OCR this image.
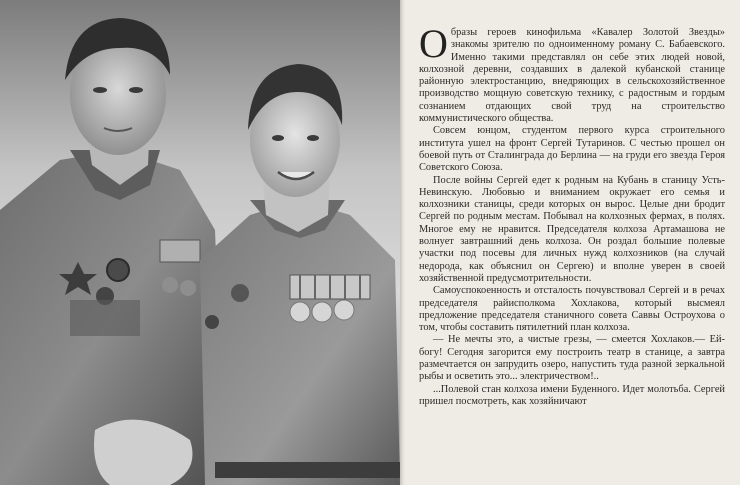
Образы героев кинофильма «Кавалер Золотой Звезды» знакомы зрителю по одноименному роману С. Бабаевского. Именно такими представлял он себе этих людей новой, колхозной деревни, создавших в далекой кубанской станице районную электростанцию, внедряющих в сельскохозяйственное производство мощную советскую технику, с радостным и гордым сознанием отдающих свой труд на строительство коммунистического общества.

Совсем юнцом, студентом первого курса строительного института ушел на фронт Сергей Тутаринов. С честью прошел он боевой путь от Сталинграда до Берлина — на груди его звезда Героя Советского Союза.

После войны Сергей едет к родным на Кубань в станицу Усть-Невинскую. Любовью и вниманием окружает его семья и колхозники станицы, среди которых он вырос. Целые дни бродит Сергей по родным местам. Побывал на колхозных фермах, в полях. Многое ему не нравится. Председателя колхоза Артамашова не волнует завтрашний день колхоза. Он роздал большие полевые участки под посевы для личных нужд колхозников (на случай недорода, как объяснил он Сергею) и вполне уверен в своей хозяйственной предусмотрительности.

Самоуспокоенность и отсталость почувствовал Сергей и в речах председателя райисполкома Хохлакова, который высмеял предложение председателя станичного совета Саввы Остроухова о том, чтобы составить пятилетний план колхоза.

— Не мечты это, а чистые грезы, — смеется Хохлаков.— Ей-богу! Сегодня загорится ему построить театр в станице, а завтра размечтается он запрудить озеро, напустить туда разной зеркальной рыбы и осветить это... электричеством!..

...Полевой стан колхоза имени Буденного. Идет молотьба. Сергей пришел посмотреть, как хозяйничают
